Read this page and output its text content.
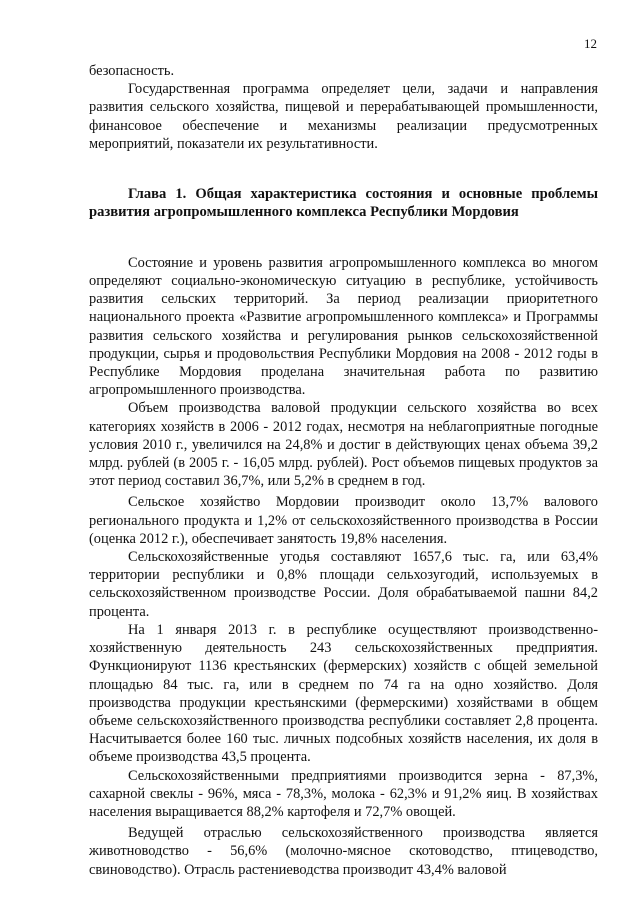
12

безопасность.

Государственная программа определяет цели, задачи и направления развития сельского хозяйства, пищевой и перерабатывающей промышленности, финансовое обеспечение и механизмы реализации предусмотренных мероприятий, показатели их результативности.

Глава 1. Общая характеристика состояния и основные проблемы развития агропромышленного комплекса Республики Мордовия

Состояние и уровень развития агропромышленного комплекса во многом определяют социально-экономическую ситуацию в республике, устойчивость развития сельских территорий. За период реализации приоритетного национального проекта «Развитие агропромышленного комплекса» и Программы развития сельского хозяйства и регулирования рынков сельскохозяйственной продукции, сырья и продовольствия Республики Мордовия на 2008 - 2012 годы в Республике Мордовия проделана значительная работа по развитию агропромышленного производства.

Объем производства валовой продукции сельского хозяйства во всех категориях хозяйств в 2006 - 2012 годах, несмотря на неблагоприятные погодные условия 2010 г., увеличился на 24,8% и достиг в действующих ценах объема 39,2 млрд. рублей (в 2005 г. - 16,05 млрд. рублей). Рост объемов пищевых продуктов за этот период составил 36,7%, или 5,2% в среднем в год.

Сельское хозяйство Мордовии производит около 13,7% валового регионального продукта и 1,2% от сельскохозяйственного производства в России (оценка 2012 г.), обеспечивает занятость 19,8% населения.

Сельскохозяйственные угодья составляют 1657,6 тыс. га, или 63,4% территории республики и 0,8% площади сельхозугодий, используемых в сельскохозяйственном производстве России. Доля обрабатываемой пашни 84,2 процента.

На 1 января 2013 г. в республике осуществляют производственно-хозяйственную деятельность 243 сельскохозяйственных предприятия. Функционируют 1136 крестьянских (фермерских) хозяйств с общей земельной площадью 84 тыс. га, или в среднем по 74 га на одно хозяйство. Доля производства продукции крестьянскими (фермерскими) хозяйствами в общем объеме сельскохозяйственного производства республики составляет 2,8 процента. Насчитывается более 160 тыс. личных подсобных хозяйств населения, их доля в объеме производства 43,5 процента.

Сельскохозяйственными предприятиями производится зерна - 87,3%, сахарной свеклы - 96%, мяса - 78,3%, молока - 62,3% и 91,2% яиц. В хозяйствах населения выращивается 88,2% картофеля и 72,7% овощей.

Ведущей отраслью сельскохозяйственного производства является животноводство - 56,6% (молочно-мясное скотоводство, птицеводство, свиноводство). Отрасль растениеводства производит 43,4% валовой
